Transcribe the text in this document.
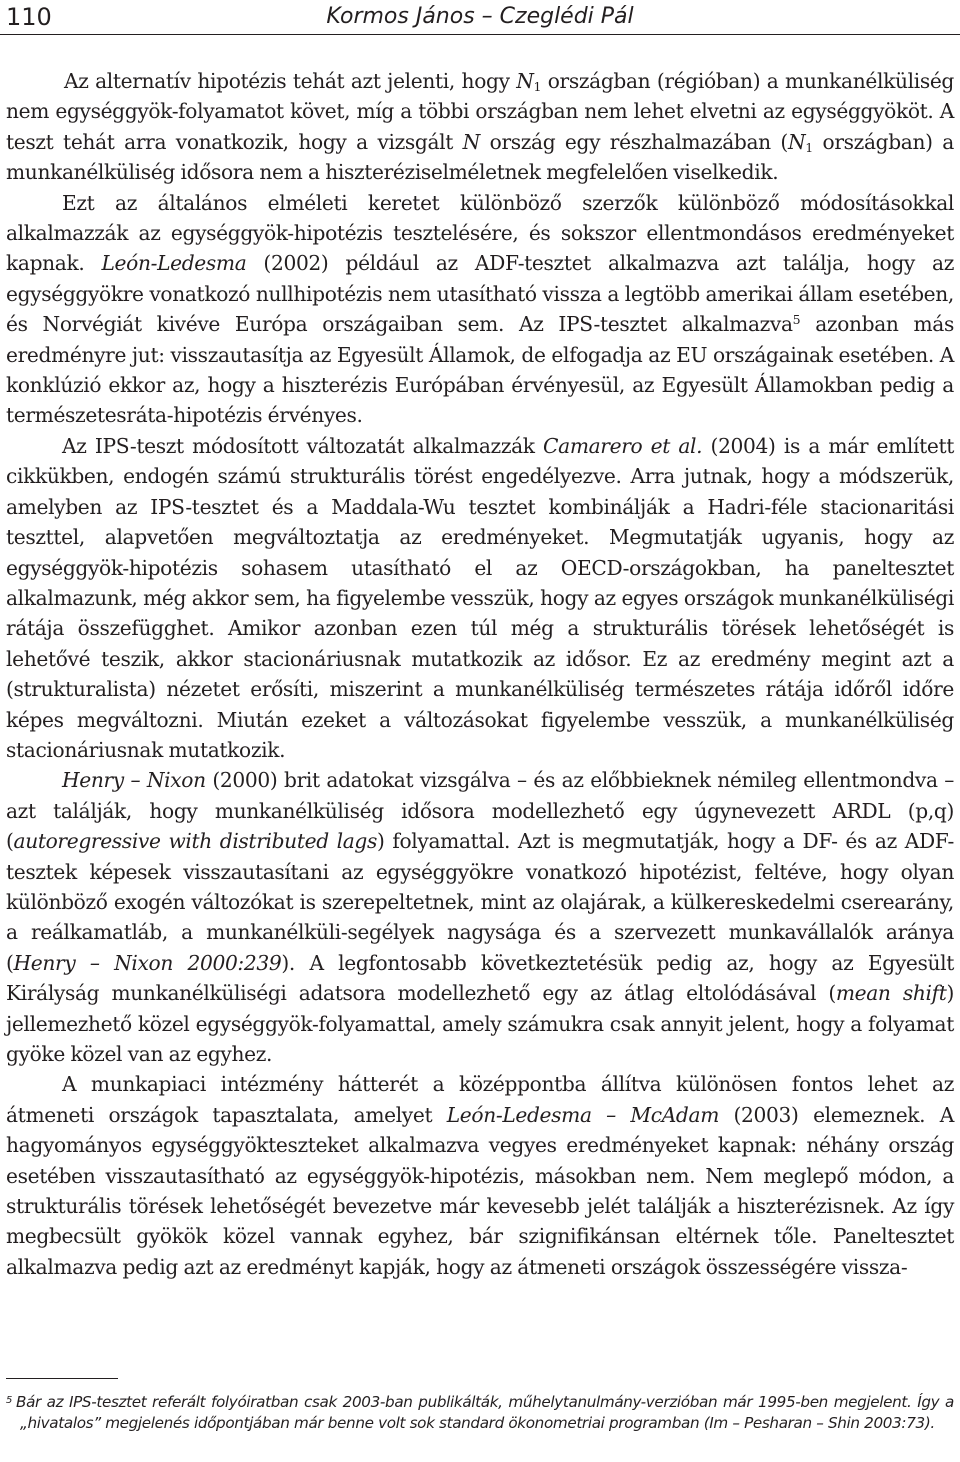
110	Kormos János – Czeglédi Pál

Az alternatív hipotézis tehát azt jelenti, hogy $N_1$ országban (régióban) a munkanélküliség nem egységgyök-folyamatot követ, míg a többi országban nem lehet elvetni az egységgyököt. A teszt tehát arra vonatkozik, hogy a vizsgált N ország egy részhalmazában ($N_1$ országban) a munkanélküliség idősora nem a hiszteréziselméletnek megfelelően viselkedik.

Ezt az általános elméleti keretet különböző szerzők különböző módosításokkal alkalmazzák az egységgyök-hipotézis tesztelésére, és sokszor ellentmondásos eredményeket kapnak. León-Ledesma (2002) például az ADF-tesztet alkalmazva azt találja, hogy az egységgyökre vonatkozó nullhipotézis nem utasítható vissza a legtöbb amerikai állam esetében, és Norvégiát kivéve Európa országaiban sem. Az IPS-tesztet alkalmazva$^5$ azonban más eredményre jut: visszautasítja az Egyesült Államok, de elfogadja az EU országainak esetében. A konklúzió ekkor az, hogy a hiszterézis Európában érvényesül, az Egyesült Államokban pedig a természetesráta-hipotézis érvényes.

Az IPS-teszt módosított változatát alkalmazzák Camarero et al. (2004) is a már említett cikkükben, endogén számú strukturális törést engedélyezve. Arra jutnak, hogy a módszerük, amelyben az IPS-tesztet és a Maddala-Wu tesztet kombinálják a Hadri-féle stacionaritási teszttel, alapvetően megváltoztatja az eredményeket. Megmutatják ugyanis, hogy az egységgyök-hipotézis sohasem utasítható el az OECD-országokban, ha paneltesztet alkalmazunk, még akkor sem, ha figyelembe vesszük, hogy az egyes országok munkanélküliségi rátája összefügghet. Amikor azonban ezen túl még a strukturális törések lehetőségét is lehetővé teszik, akkor stacionáriusnak mutatkozik az idősor. Ez az eredmény megint azt a (strukturalista) nézetet erősíti, miszerint a munkanélküliség természetes rátája időről időre képes megváltozni. Miután ezeket a változásokat figyelembe vesszük, a munkanélküliség stacionáriusnak mutatkozik.

Henry – Nixon (2000) brit adatokat vizsgálva – és az előbbieknek némileg ellentmondva – azt találják, hogy munkanélküliség idősora modellezhető egy úgynevezett ARDL (p,q) (autoregressive with distributed lags) folyamattal. Azt is megmutatják, hogy a DF- és az ADF-tesztek képesek visszautasítani az egységgyökre vonatkozó hipotézist, feltéve, hogy olyan különböző exogén változókat is szerepeltetnek, mint az olajárak, a külkereskedelmi cserearány, a reálkamatláb, a munkanélküli-segélyek nagysága és a szervezett munkavállalók aránya (Henry – Nixon 2000:239). A legfontosabb következtetésük pedig az, hogy az Egyesült Királyság munkanélküliségi adatsora modellezhető egy az átlag eltolódásával (mean shift) jellemezhető közel egységgyök-folyamattal, amely számukra csak annyit jelent, hogy a folyamat gyöke közel van az egyhez.

A munkapiaci intézmény hátterét a középpontba állítva különösen fontos lehet az átmeneti országok tapasztalata, amelyet León-Ledesma – McAdam (2003) elemeznek. A hagyományos egységgyökteszteket alkalmazva vegyes eredményeket kapnak: néhány ország esetében visszautasítható az egységgyök-hipotézis, másokban nem. Nem meglepő módon, a strukturális törések lehetőségét bevezetve már kevesebb jelét találják a hiszterézisnek. Az így megbecsült gyökök közel vannak egyhez, bár szignifikánsan eltérnek tőle. Paneltesztet alkalmazva pedig azt az eredményt kapják, hogy az átmeneti országok összességére vissza-

$^5$ Bár az IPS-tesztet referált folyóiratban csak 2003-ban publikálták, műhelytanulmány-verzióban már 1995-ben megjelent. Így a „hivatalos” megjelenés időpontjában már benne volt sok standard ökonometriai programban (Im – Pesharan – Shin 2003:73).
